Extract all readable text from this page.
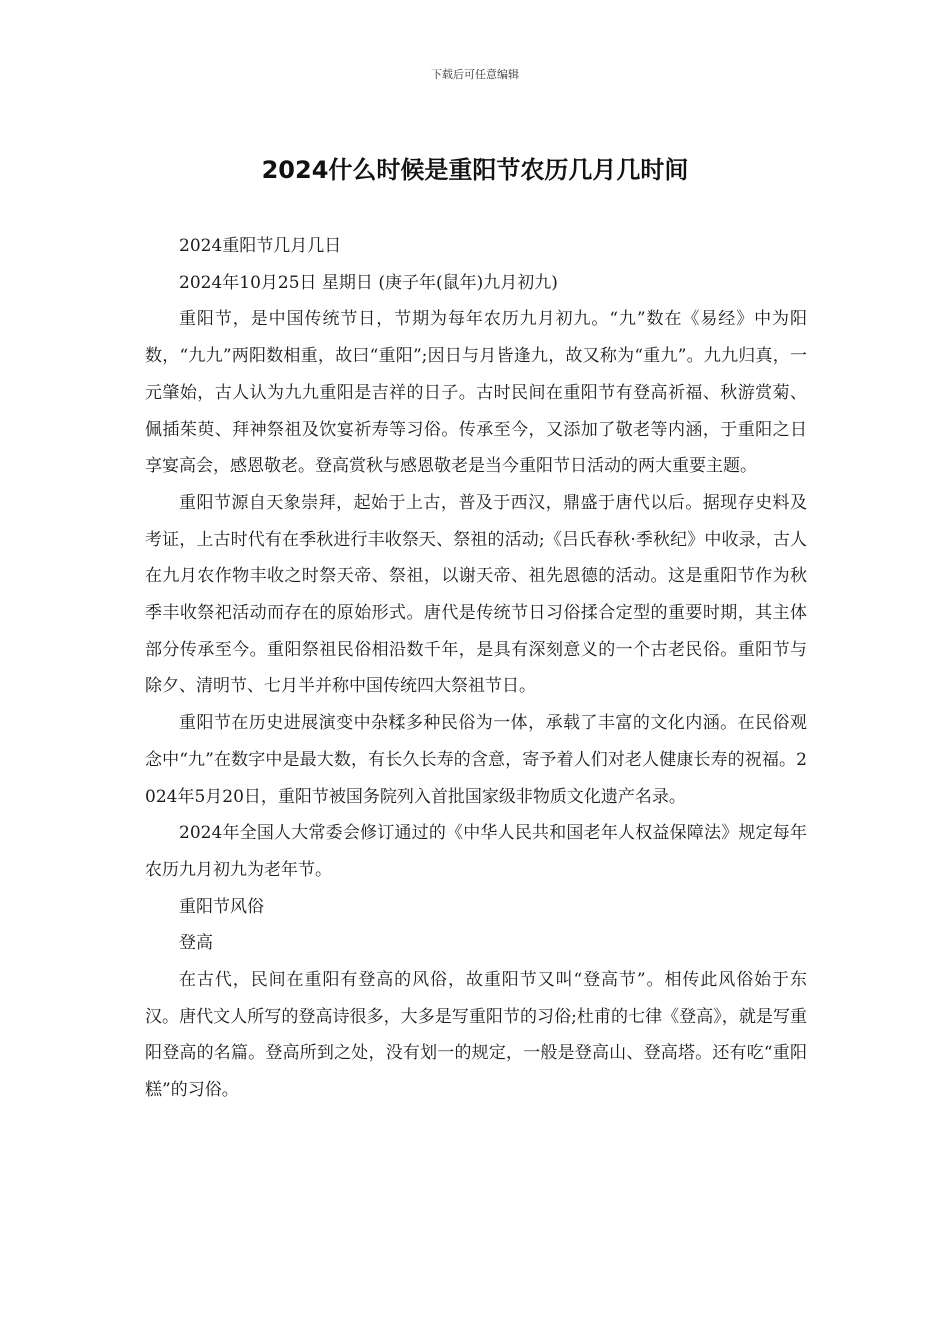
下载后可任意编辑
2024什么时候是重阳节农历几月几时间

2024重阳节几月几日

2024年10月25日 星期日 (庚子年(鼠年)九月初九)

重阳节，是中国传统节日，节期为每年农历九月初九。“九”数在《易经》中为阳数，“九九”两阳数相重，故曰“重阳”;因日与月皆逢九，故又称为“重九”。九九归真，一元肇始，古人认为九九重阳是吉祥的日子。古时民间在重阳节有登高祈福、秋游赏菊、佩插茱萸、拜神祭祖及饮宴祈寿等习俗。传承至今，又添加了敬老等内涵，于重阳之日享宴高会，感恩敬老。登高赏秋与感恩敬老是当今重阳节日活动的两大重要主题。

重阳节源自天象崇拜，起始于上古，普及于西汉，鼎盛于唐代以后。据现存史料及考证，上古时代有在季秋进行丰收祭天、祭祖的活动;《吕氏春秋·季秋纪》中收录，古人在九月农作物丰收之时祭天帝、祭祖，以谢天帝、祖先恩德的活动。这是重阳节作为秋季丰收祭祀活动而存在的原始形式。唐代是传统节日习俗揉合定型的重要时期，其主体部分传承至今。重阳祭祖民俗相沿数千年，是具有深刻意义的一个古老民俗。重阳节与除夕、清明节、七月半并称中国传统四大祭祖节日。

重阳节在历史进展演变中杂糅多种民俗为一体，承载了丰富的文化内涵。在民俗观念中“九”在数字中是最大数，有长久长寿的含意，寄予着人们对老人健康长寿的祝福。2024年5月20日，重阳节被国务院列入首批国家级非物质文化遗产名录。

2024年全国人大常委会修订通过的《中华人民共和国老年人权益保障法》规定每年农历九月初九为老年节。

重阳节风俗

登高

在古代，民间在重阳有登高的风俗，故重阳节又叫“登高节”。相传此风俗始于东汉。唐代文人所写的登高诗很多，大多是写重阳节的习俗;杜甫的七律《登高》，就是写重阳登高的名篇。登高所到之处，没有划一的规定，一般是登高山、登高塔。还有吃“重阳糕”的习俗。
